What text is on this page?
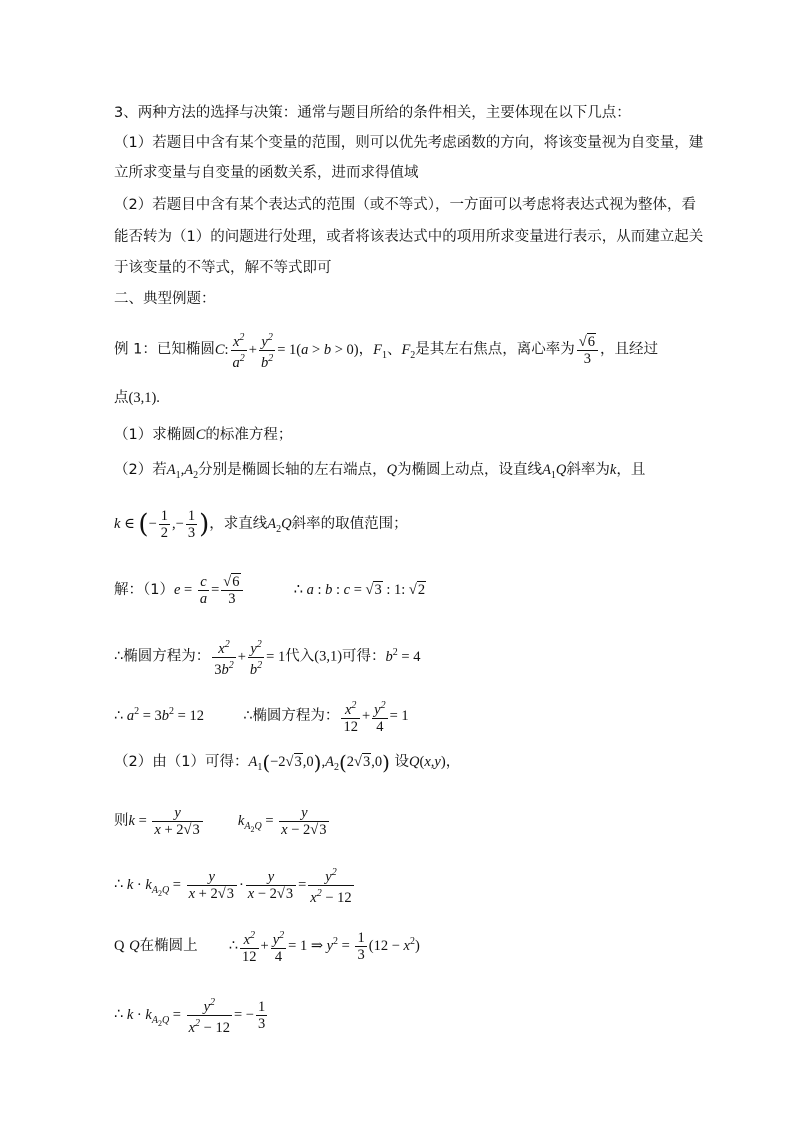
3、两种方法的选择与决策：通常与题目所给的条件相关，主要体现在以下几点：
（1）若题目中含有某个变量的范围，则可以优先考虑函数的方向，将该变量视为自变量，建
立所求变量与自变量的函数关系，进而求得值域
（2）若题目中含有某个表达式的范围（或不等式），一方面可以考虑将表达式视为整体，看
能否转为（1）的问题进行处理，或者将该表达式中的项用所求变量进行表示，从而建立起关
于该变量的不等式，解不等式即可
二、典型例题：
例 1：已知椭圆C: $\frac{x^2}{a^2} + \frac{y^2}{b^2} = 1(a > b > 0)$，$F_1$、$F_2$是其左右焦点，离心率为 $\frac{√6}{3}$ ，且经过
点(3,1).
（1）求椭圆C的标准方程；
（2）若$A_1,A_2$分别是椭圆长轴的左右端点，Q为椭圆上动点，设直线$A_1Q$斜率为k，且
k ∈ (− $\frac{1}{2}$ ,− $\frac{1}{3}$ )，求直线$A_2Q$斜率的取值范围；
解：$(1)e = \frac{c}{a} = \frac{√6}{3}$	∴ a : b : c = √3 : 1: √2
∴椭圆方程为： $\frac{x^2}{3b^2} + \frac{y^2}{b^2} = 1$代入(3,1)可得：$b^2 = 4$
∴ $a^2 = 3b^2 = 12$	∴椭圆方程为： $\frac{x^2}{12} + \frac{y^2}{4} = 1$
（2）由（1）可得：$A_1(-2√3,0),A_2(2√3,0)$ 设Q(x,y)，
则$k = \frac{y}{x + 2√3} k_{A_2Q} = \frac{y}{x - 2√3}$
∴ $k \cdot k_{A_2Q} = \frac{y}{x + 2√3} \cdot \frac{y}{x - 2√3} = \frac{y^2}{x^2 - 12}$
Q Q在椭圆上 ∴ $\frac{x^2}{12} + \frac{y^2}{4} = 1$ ⇒ $y^2 = \frac{1}{3} (12 - x^2)$
∴ $k \cdot k_{A_2Q} = \frac{y^2}{x^2 - 12}$ = − $\frac{1}{3}$
